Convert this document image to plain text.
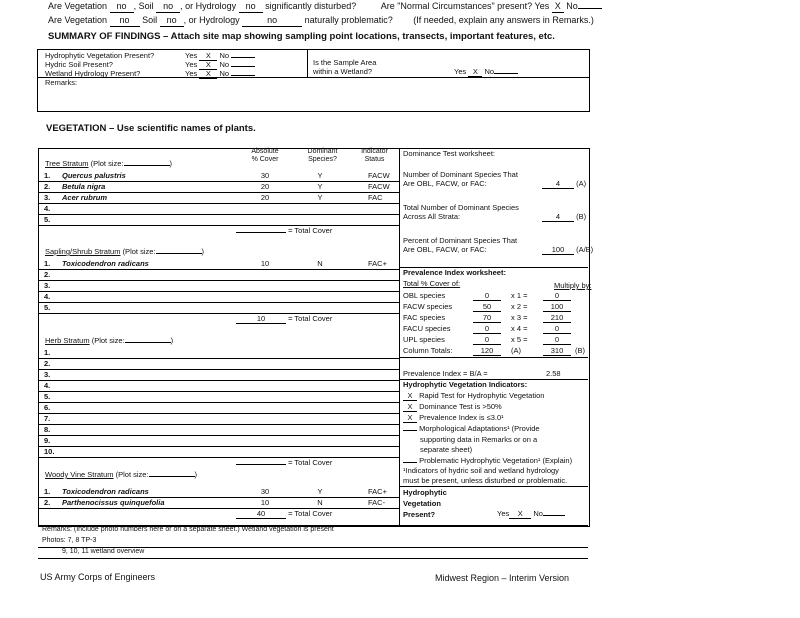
Are Vegetation no , Soil no , or Hydrology no significantly disturbed?	Are "Normal Circumstances" present? Yes X No
Are Vegetation no Soil no , or Hydrology	no	naturally problematic? (If needed, explain any answers in Remarks.)
SUMMARY OF FINDINGS – Attach site map showing sampling point locations, transects, important features, etc.
Hydrophytic Vegetation Present?	Yes X No
Hydric Soil Present?	Yes X No
Wetland Hydrology Present?	Yes X No
Is the Sample Area
within a Wetland?	Yes X No
Remarks:
VEGETATION – Use scientific names of plants.
Absolute
% Cover
Dominant
Species?
Indicator
Status
Tree Stratum (Plot size:	)
1. Quercus palustris	30	Y	FACW
2. Betula nigra	20	Y	FACW
3. Acer rubrum	20	Y	FAC
4.
5.
= Total Cover
Sapling/Shrub Stratum (Plot size:	)
1. Toxicodendron radicans	10	N	FAC+
2.
3.
4.
5.
10	= Total Cover
Herb Stratum (Plot size:	)
1.
2.
3.
4.
5.
6.
7.
8.
9.
10.
= Total Cover
Woody Vine Stratum (Plot size:	)
1. Toxicodendron radicans	30	Y	FAC+
2. Parthenocissus quinquefolia	10	N	FAC-
40	= Total Cover
Remarks: (Include photo numbers here or on a separate sheet.) Wetland vegetation is present
Photos: 7, 8 TP-3
9, 10, 11 wetland overview
Dominance Test worksheet:
Number of Dominant Species That
Are OBL, FACW, or FAC:	4 (A)
Total Number of Dominant Species
Across All Strata:	4 (B)
Percent of Dominant Species That
Are OBL, FACW, or FAC:	100 (A/B)
Prevalence Index worksheet:
Total % Cover of:	Multiply by:
OBL species	0	x 1 =	0
FACW species	50	x 2 =	100
FAC species	70	x 3 =	210
FACU species	0	x 4 =	0
UPL species	0	x 5 =	0
Column Totals:	120	(A)	310	(B)
Prevalence Index = B/A =	2.58
Hydrophytic Vegetation Indicators:
X Rapid Test for Hydrophytic Vegetation
X Dominance Test is >50%
X Prevalence Index is ≤3.0¹
Morphological Adaptations¹ (Provide
Problematic Hydrophytic Vegetation¹ (Explain)
supporting data in Remarks or on a
separate sheet)
¹Indicators of hydric soil and wetland hydrology
must be present, unless disturbed or problematic.
Hydrophytic
Vegetation
Present?	Yes X No
US Army Corps of Engineers	Midwest Region – Interim Version
